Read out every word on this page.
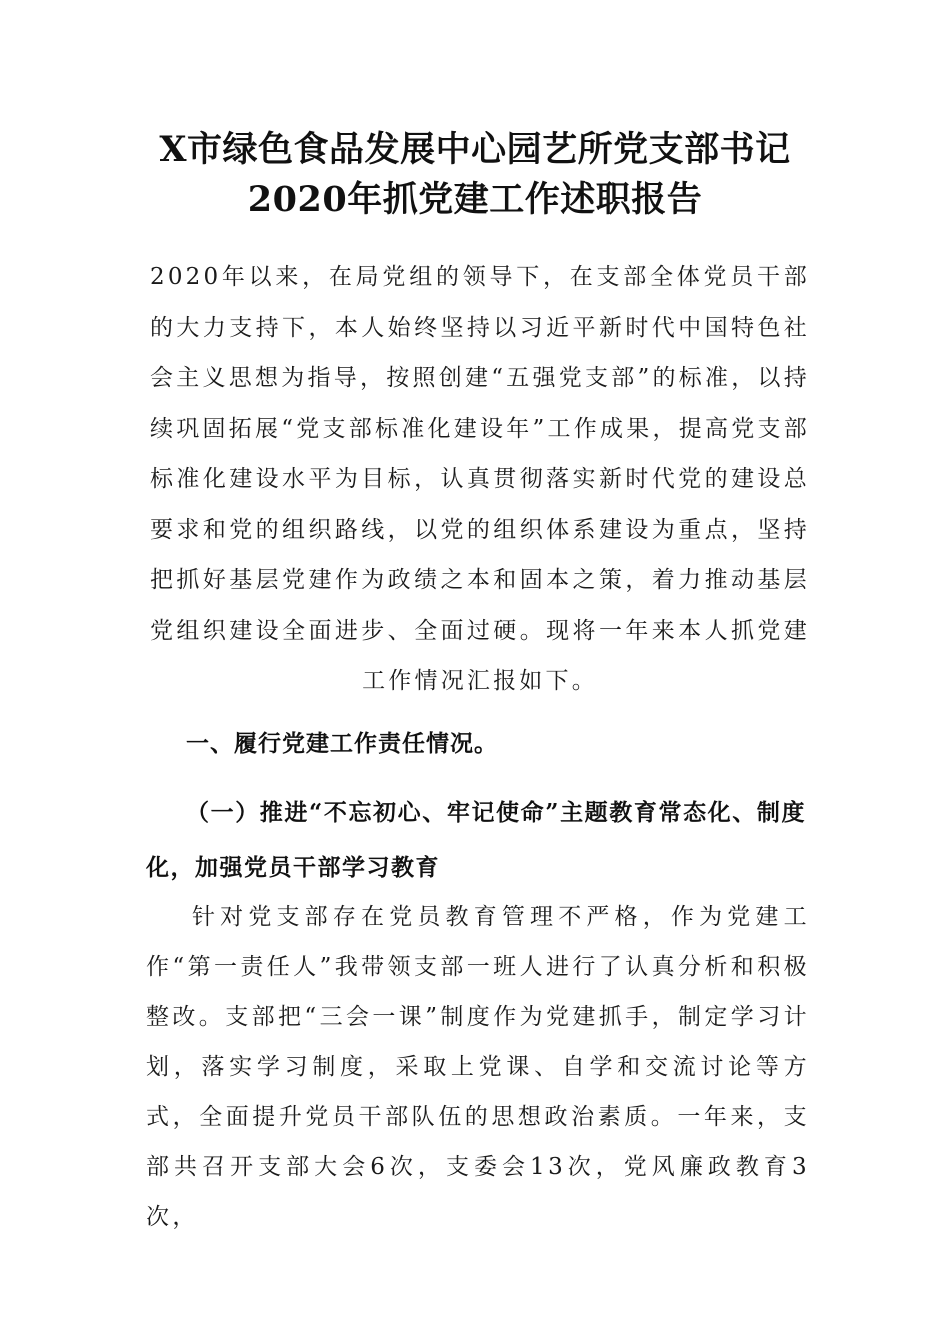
X市绿色食品发展中心园艺所党支部书记
2020年抓党建工作述职报告
2020年以来，在局党组的领导下，在支部全体党员干部的大力支持下，本人始终坚持以习近平新时代中国特色社会主义思想为指导，按照创建“五强党支部”的标准，以持续巩固拓展“党支部标准化建设年”工作成果，提高党支部标准化建设水平为目标，认真贯彻落实新时代党的建设总要求和党的组织路线，以党的组织体系建设为重点，坚持把抓好基层党建作为政绩之本和固本之策，着力推动基层党组织建设全面进步、全面过硬。现将一年来本人抓党建工作情况汇报如下。
一、履行党建工作责任情况。
（一）推进“不忘初心、牢记使命”主题教育常态化、制度化，加强党员干部学习教育
针对党支部存在党员教育管理不严格，作为党建工作“第一责任人”我带领支部一班人进行了认真分析和积极整改。支部把“三会一课”制度作为党建抓手，制定学习计划，落实学习制度，采取上党课、自学和交流讨论等方式，全面提升党员干部队伍的思想政治素质。一年来，支部共召开支部大会6次，支委会13次，党风廉政教育3次，
